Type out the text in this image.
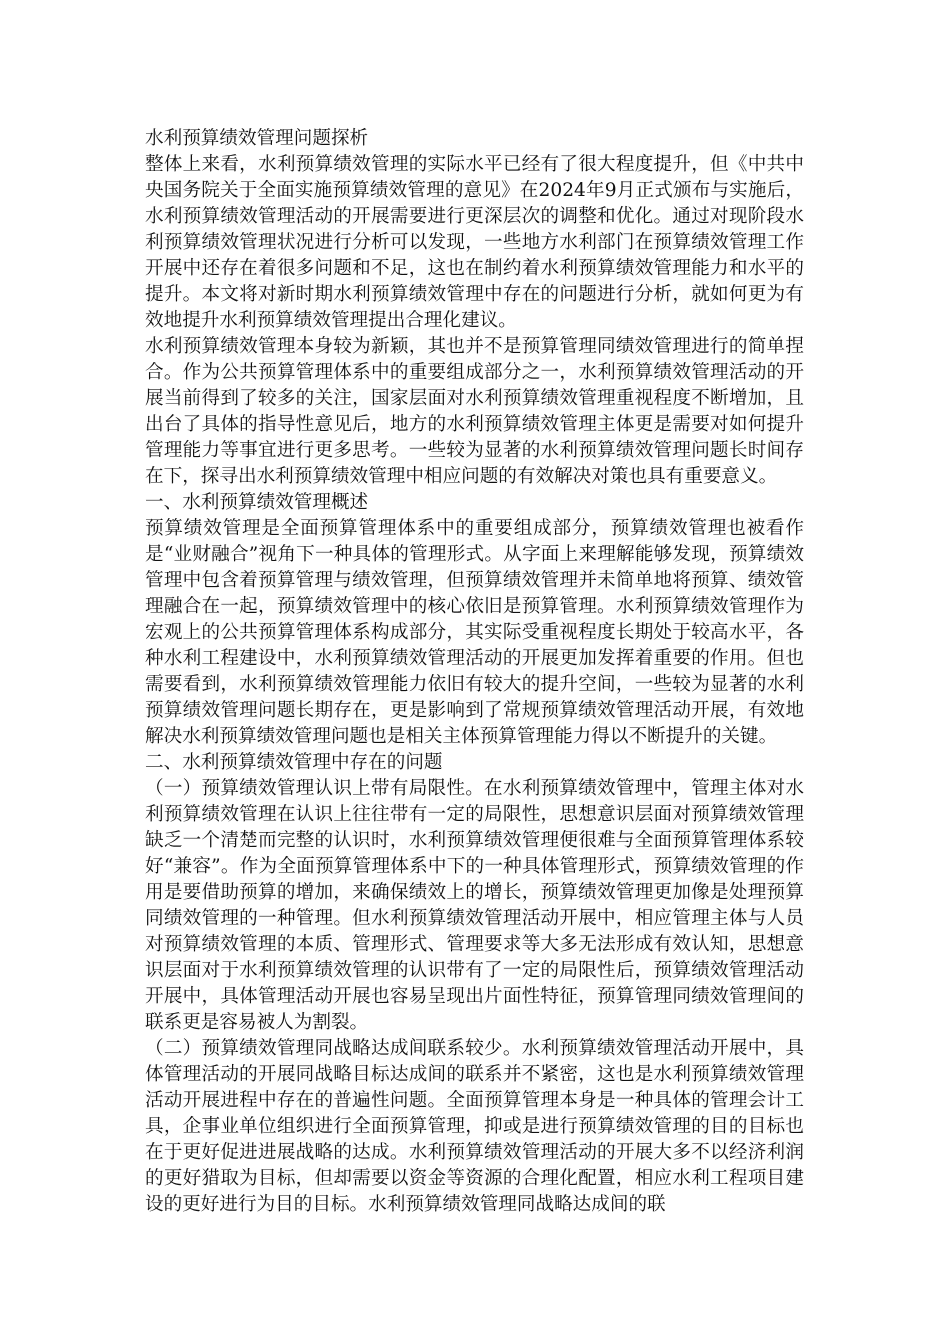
水利预算绩效管理问题探析

整体上来看，水利预算绩效管理的实际水平已经有了很大程度提升，但《中共中央国务院关于全面实施预算绩效管理的意见》在2024年9月正式颁布与实施后，水利预算绩效管理活动的开展需要进行更深层次的调整和优化。通过对现阶段水利预算绩效管理状况进行分析可以发现，一些地方水利部门在预算绩效管理工作开展中还存在着很多问题和不足，这也在制约着水利预算绩效管理能力和水平的提升。本文将对新时期水利预算绩效管理中存在的问题进行分析，就如何更为有效地提升水利预算绩效管理提出合理化建议。

水利预算绩效管理本身较为新颖，其也并不是预算管理同绩效管理进行的简单捏合。作为公共预算管理体系中的重要组成部分之一，水利预算绩效管理活动的开展当前得到了较多的关注，国家层面对水利预算绩效管理重视程度不断增加，且出台了具体的指导性意见后，地方的水利预算绩效管理主体更是需要对如何提升管理能力等事宜进行更多思考。一些较为显著的水利预算绩效管理问题长时间存在下，探寻出水利预算绩效管理中相应问题的有效解决对策也具有重要意义。

一、水利预算绩效管理概述

预算绩效管理是全面预算管理体系中的重要组成部分，预算绩效管理也被看作是“业财融合”视角下一种具体的管理形式。从字面上来理解能够发现，预算绩效管理中包含着预算管理与绩效管理，但预算绩效管理并未简单地将预算、绩效管理融合在一起，预算绩效管理中的核心依旧是预算管理。水利预算绩效管理作为宏观上的公共预算管理体系构成部分，其实际受重视程度长期处于较高水平，各种水利工程建设中，水利预算绩效管理活动的开展更加发挥着重要的作用。但也需要看到，水利预算绩效管理能力依旧有较大的提升空间，一些较为显著的水利预算绩效管理问题长期存在，更是影响到了常规预算绩效管理活动开展，有效地解决水利预算绩效管理问题也是相关主体预算管理能力得以不断提升的关键。

二、水利预算绩效管理中存在的问题

（一）预算绩效管理认识上带有局限性。在水利预算绩效管理中，管理主体对水利预算绩效管理在认识上往往带有一定的局限性，思想意识层面对预算绩效管理缺乏一个清楚而完整的认识时，水利预算绩效管理便很难与全面预算管理体系较好“兼容”。作为全面预算管理体系中下的一种具体管理形式，预算绩效管理的作用是要借助预算的增加，来确保绩效上的增长，预算绩效管理更加像是处理预算同绩效管理的一种管理。但水利预算绩效管理活动开展中，相应管理主体与人员对预算绩效管理的本质、管理形式、管理要求等大多无法形成有效认知，思想意识层面对于水利预算绩效管理的认识带有了一定的局限性后，预算绩效管理活动开展中，具体管理活动开展也容易呈现出片面性特征，预算管理同绩效管理间的联系更是容易被人为割裂。

（二）预算绩效管理同战略达成间联系较少。水利预算绩效管理活动开展中，具体管理活动的开展同战略目标达成间的联系并不紧密，这也是水利预算绩效管理活动开展进程中存在的普遍性问题。全面预算管理本身是一种具体的管理会计工具，企事业单位组织进行全面预算管理，抑或是进行预算绩效管理的目的目标也在于更好促进进展战略的达成。水利预算绩效管理活动的开展大多不以经济利润的更好猎取为目标，但却需要以资金等资源的合理化配置，相应水利工程项目建设的更好进行为目的目标。水利预算绩效管理同战略达成间的联
